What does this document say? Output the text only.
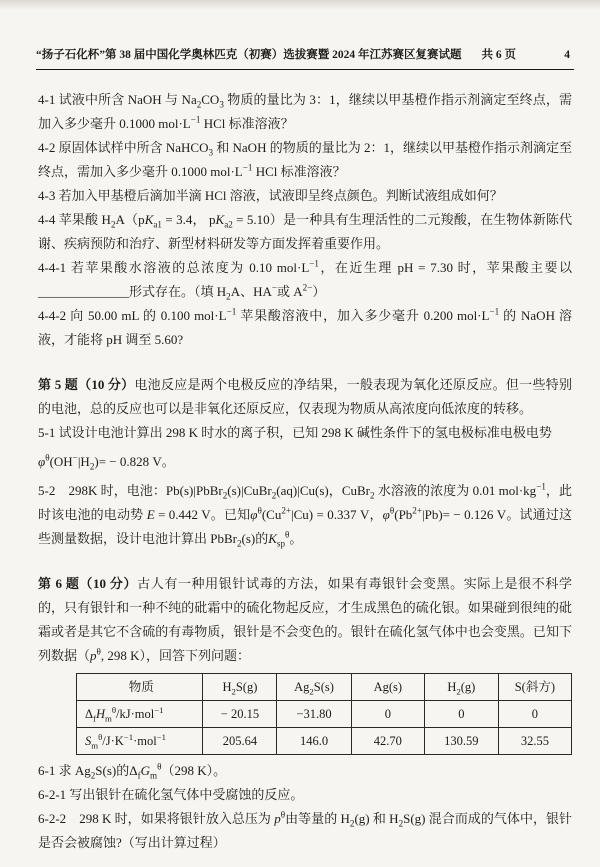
“扬子石化杯”第 38 届中国化学奥林匹克（初赛）选拔赛暨 2024 年江苏赛区复赛试题 共 6 页	4

4-1 试液中所含 NaOH 与 $Na_2CO_3$ 物质的量比为 3：1，继续以甲基橙作指示剂滴定至终点，需加入多少毫升 0.1000 $mol\cdot L^{-1}$ HCl 标准溶液？

4-2 原固体试样中所含 NaHCO$_3$ 和 NaOH 的物质的量比为 2：1，继续以甲基橙作指示剂滴定至终点，需加入多少毫升 0.1000 $mol\cdot L^{-1}$ HCl 标准溶液？

4-3 若加入甲基橙后滴加半滴 HCl 溶液，试液即呈终点颜色。判断试液组成如何？

4-4 苹果酸 $H_2A(pK_{a1} = 3.4$， $pK_{a2} = 5.10$）是一种具有生理活性的二元羧酸，在生物体新陈代谢、疾病预防和治疗、新型材料研发等方面发挥着重要作用。

4-4-1 若苹果酸水溶液的总浓度为 0.10 $mol\cdot L^{-1}$，在近生理 pH = 7.30 时，苹果酸主要以______________形式存在。（填 $H_2A$、HA−或 $A^{2-}$）

4-4-2 向 50.00 mL 的 0.100 $mol\cdot L^{-1}$ 苹果酸溶液中，加入多少毫升 0.200 $mol\cdot L^{-1}$ 的 NaOH 溶液，才能将 pH 调至 5.60?

第 5 题（10 分）电池反应是两个电极反应的净结果，一般表现为氧化还原反应。但一些特别的电池，总的反应也可以是非氧化还原反应，仅表现为物质从高浓度向低浓度的转移。

5-1 试设计电池计算出 298 K 时水的离子积，已知 298 K 碱性条件下的氢电极标准电极电势

$\varphi^\theta(OH^-|H_2)= - 0.828$ V。

5-2　298K 时，电池：Pb(s)|PbBr$_2$(s)|CuBr$_2$(aq)|Cu(s)，CuBr$_2$ 水溶液的浓度为 0.01 $mol\cdot kg^{-1}$，此时该电池的电动势 E = 0.442 V。已知$\varphi^\theta(Cu^{2+}|Cu) = 0.337$ V，$\varphi^\theta(Pb^{2+}|Pb)= - 0.126$ V。试通过这些测量数据，设计电池计算出 PbBr$_2$(s)的$K_{sp}^\theta$。

第 6 题（10 分）古人有一种用银针试毒的方法，如果有毒银针会变黑。实际上是很不科学的，只有银针和一种不纯的砒霜中的硫化物起反应，才生成黑色的硫化银。如果碰到很纯的砒霜或者是其它不含硫的有毒物质，银针是不会变色的。银针在硫化氢气体中也会变黑。已知下列数据（$p^\theta$, 298 K），回答下列问题：

物质	$H_2S(g)$	$Ag_2S(s)$	Ag(s)	$H_2(g)$	S(斜方)
$\Delta_fH_m^\theta/kJ\cdot mol^{-1}$	− 20.15	−31.80	0	0	0
$S_m^\theta/J\cdot K^{-1}\cdot mol^{-1}$	205.64	146.0	42.70	130.59	32.55

6-1 求 $Ag_2S(s)$的$\Delta_fG_m^\theta(298$ K）。

6-2-1 写出银针在硫化氢气体中受腐蚀的反应。

6-2-2　298 K 时，如果将银针放入总压为 $p^\theta$由等量的 $H_2(g)$ 和 $H_2S(g)$ 混合而成的气体中，银针是否会被腐蚀?（写出计算过程）
